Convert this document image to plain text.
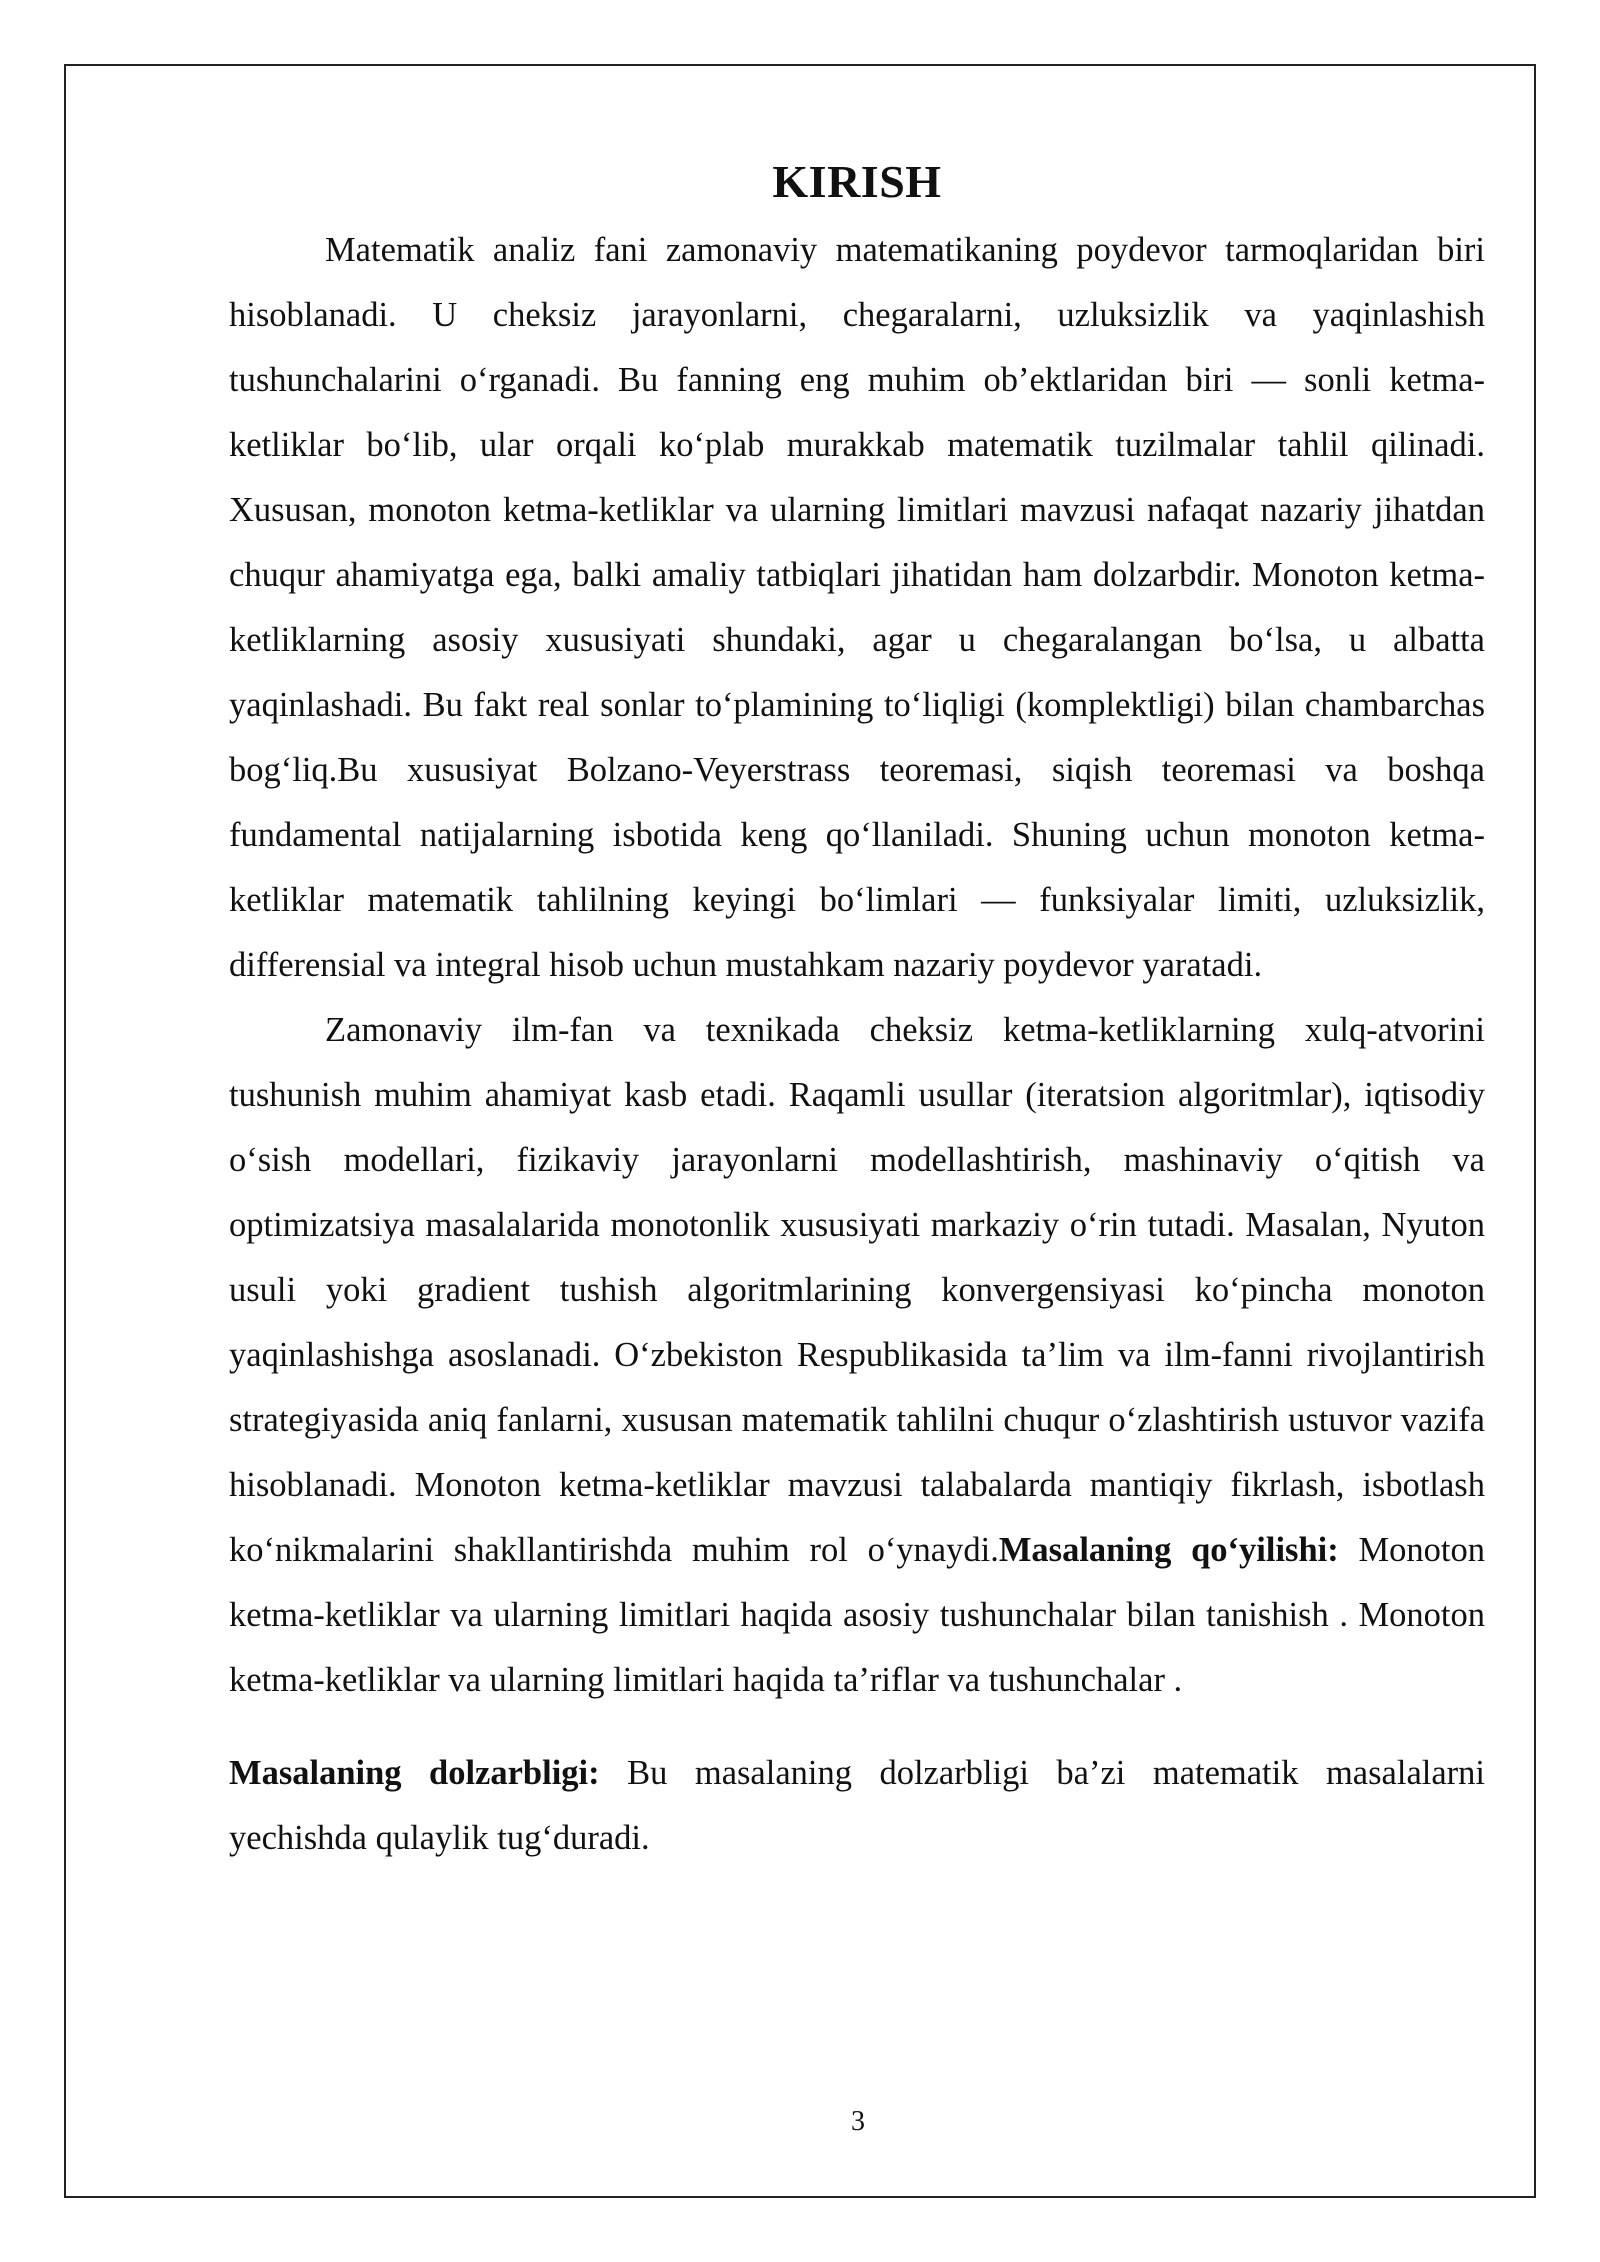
KIRISH

Matematik analiz fani zamonaviy matematikaning poydevor tarmoqlaridan biri hisoblanadi. U cheksiz jarayonlarni, chegaralarni, uzluksizlik va yaqinlashish tushunchalarini o‘rganadi. Bu fanning eng muhim ob’ektlaridan biri — sonli ketma-ketliklar bo‘lib, ular orqali ko‘plab murakkab matematik tuzilmalar tahlil qilinadi. Xususan, monoton ketma-ketliklar va ularning limitlari mavzusi nafaqat nazariy jihatdan chuqur ahamiyatga ega, balki amaliy tatbiqlari jihatidan ham dolzarbdir. Monoton ketma-ketliklarning asosiy xususiyati shundaki, agar u chegaralangan bo‘lsa, u albatta yaqinlashadi. Bu fakt real sonlar to‘plamining to‘liqligi (komplektligi) bilan chambarchas bog‘liq.Bu xususiyat Bolzano-Veyerstrass teoremasi, siqish teoremasi va boshqa fundamental natijalarning isbotida keng qo‘llaniladi. Shuning uchun monoton ketma-ketliklar matematik tahlilning keyingi bo‘limlari — funksiyalar limiti, uzluksizlik, differensial va integral hisob uchun mustahkam nazariy poydevor yaratadi.

Zamonaviy ilm-fan va texnikada cheksiz ketma-ketliklarning xulq-atvorini tushunish muhim ahamiyat kasb etadi. Raqamli usullar (iteratsion algoritmlar), iqtisodiy o‘sish modellari, fizikaviy jarayonlarni modellashtirish, mashinaviy o‘qitish va optimizatsiya masalalarida monotonlik xususiyati markaziy o‘rin tutadi. Masalan, Nyuton usuli yoki gradient tushish algoritmlarining konvergensiyasi ko‘pincha monoton yaqinlashishga asoslanadi. O‘zbekiston Respublikasida ta’lim va ilm-fanni rivojlantirish strategiyasida aniq fanlarni, xususan matematik tahlilni chuqur o‘zlashtirish ustuvor vazifa hisoblanadi. Monoton ketma-ketliklar mavzusi talabalarda mantiqiy fikrlash, isbotlash ko‘nikmalarini shakllantirishda muhim rol o‘ynaydi.Masalaning qo‘yilishi: Monoton ketma-ketliklar va ularning limitlari haqida asosiy tushunchalar bilan tanishish . Monoton ketma-ketliklar va ularning limitlari haqida ta’riflar va tushunchalar .

Masalaning dolzarbligi: Bu masalaning dolzarbligi ba’zi matematik masalalarni yechishda qulaylik tug‘duradi.

3
